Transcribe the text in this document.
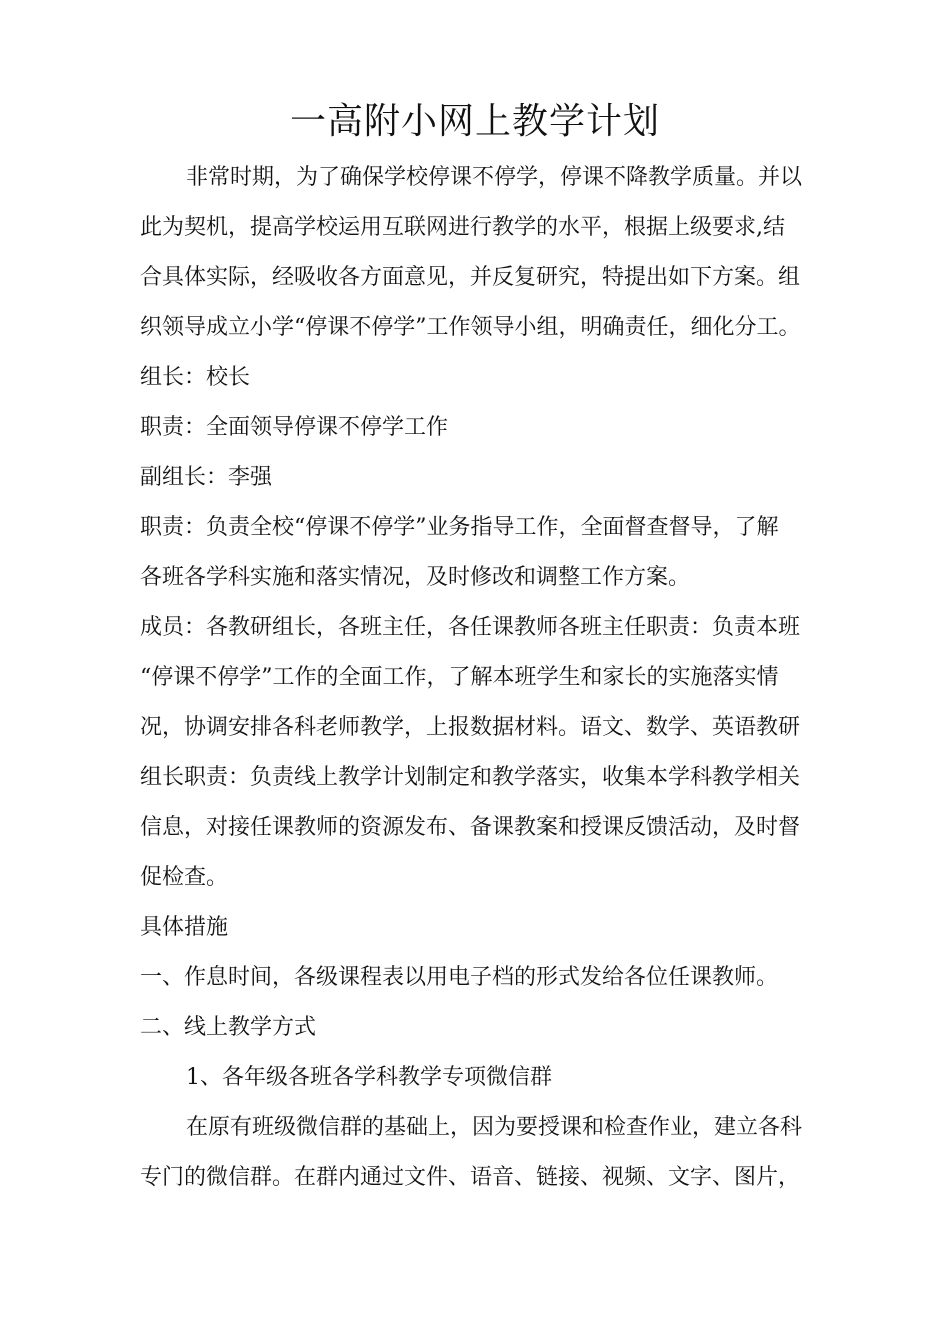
一高附小网上教学计划
非常时期，为了确保学校停课不停学，停课不降教学质量。并以
此为契机，提高学校运用互联网进行教学的水平，根据上级要求,结
合具体实际，经吸收各方面意见，并反复研究，特提出如下方案。组
织领导成立小学“停课不停学”工作领导小组，明确责任，细化分工。
组长：校长
职责：全面领导停课不停学工作
副组长：李强
职责：负责全校“停课不停学”业务指导工作，全面督查督导，了解
各班各学科实施和落实情况，及时修改和调整工作方案。
成员：各教研组长，各班主任，各任课教师各班主任职责：负责本班
“停课不停学”工作的全面工作，了解本班学生和家长的实施落实情
况，协调安排各科老师教学，上报数据材料。语文、数学、英语教研
组长职责：负责线上教学计划制定和教学落实，收集本学科教学相关
信息，对接任课教师的资源发布、备课教案和授课反馈活动，及时督
促检查。
具体措施
一、作息时间，各级课程表以用电子档的形式发给各位任课教师。
二、线上教学方式
1、各年级各班各学科教学专项微信群
在原有班级微信群的基础上，因为要授课和检查作业，建立各科
专门的微信群。在群内通过文件、语音、链接、视频、文字、图片，
